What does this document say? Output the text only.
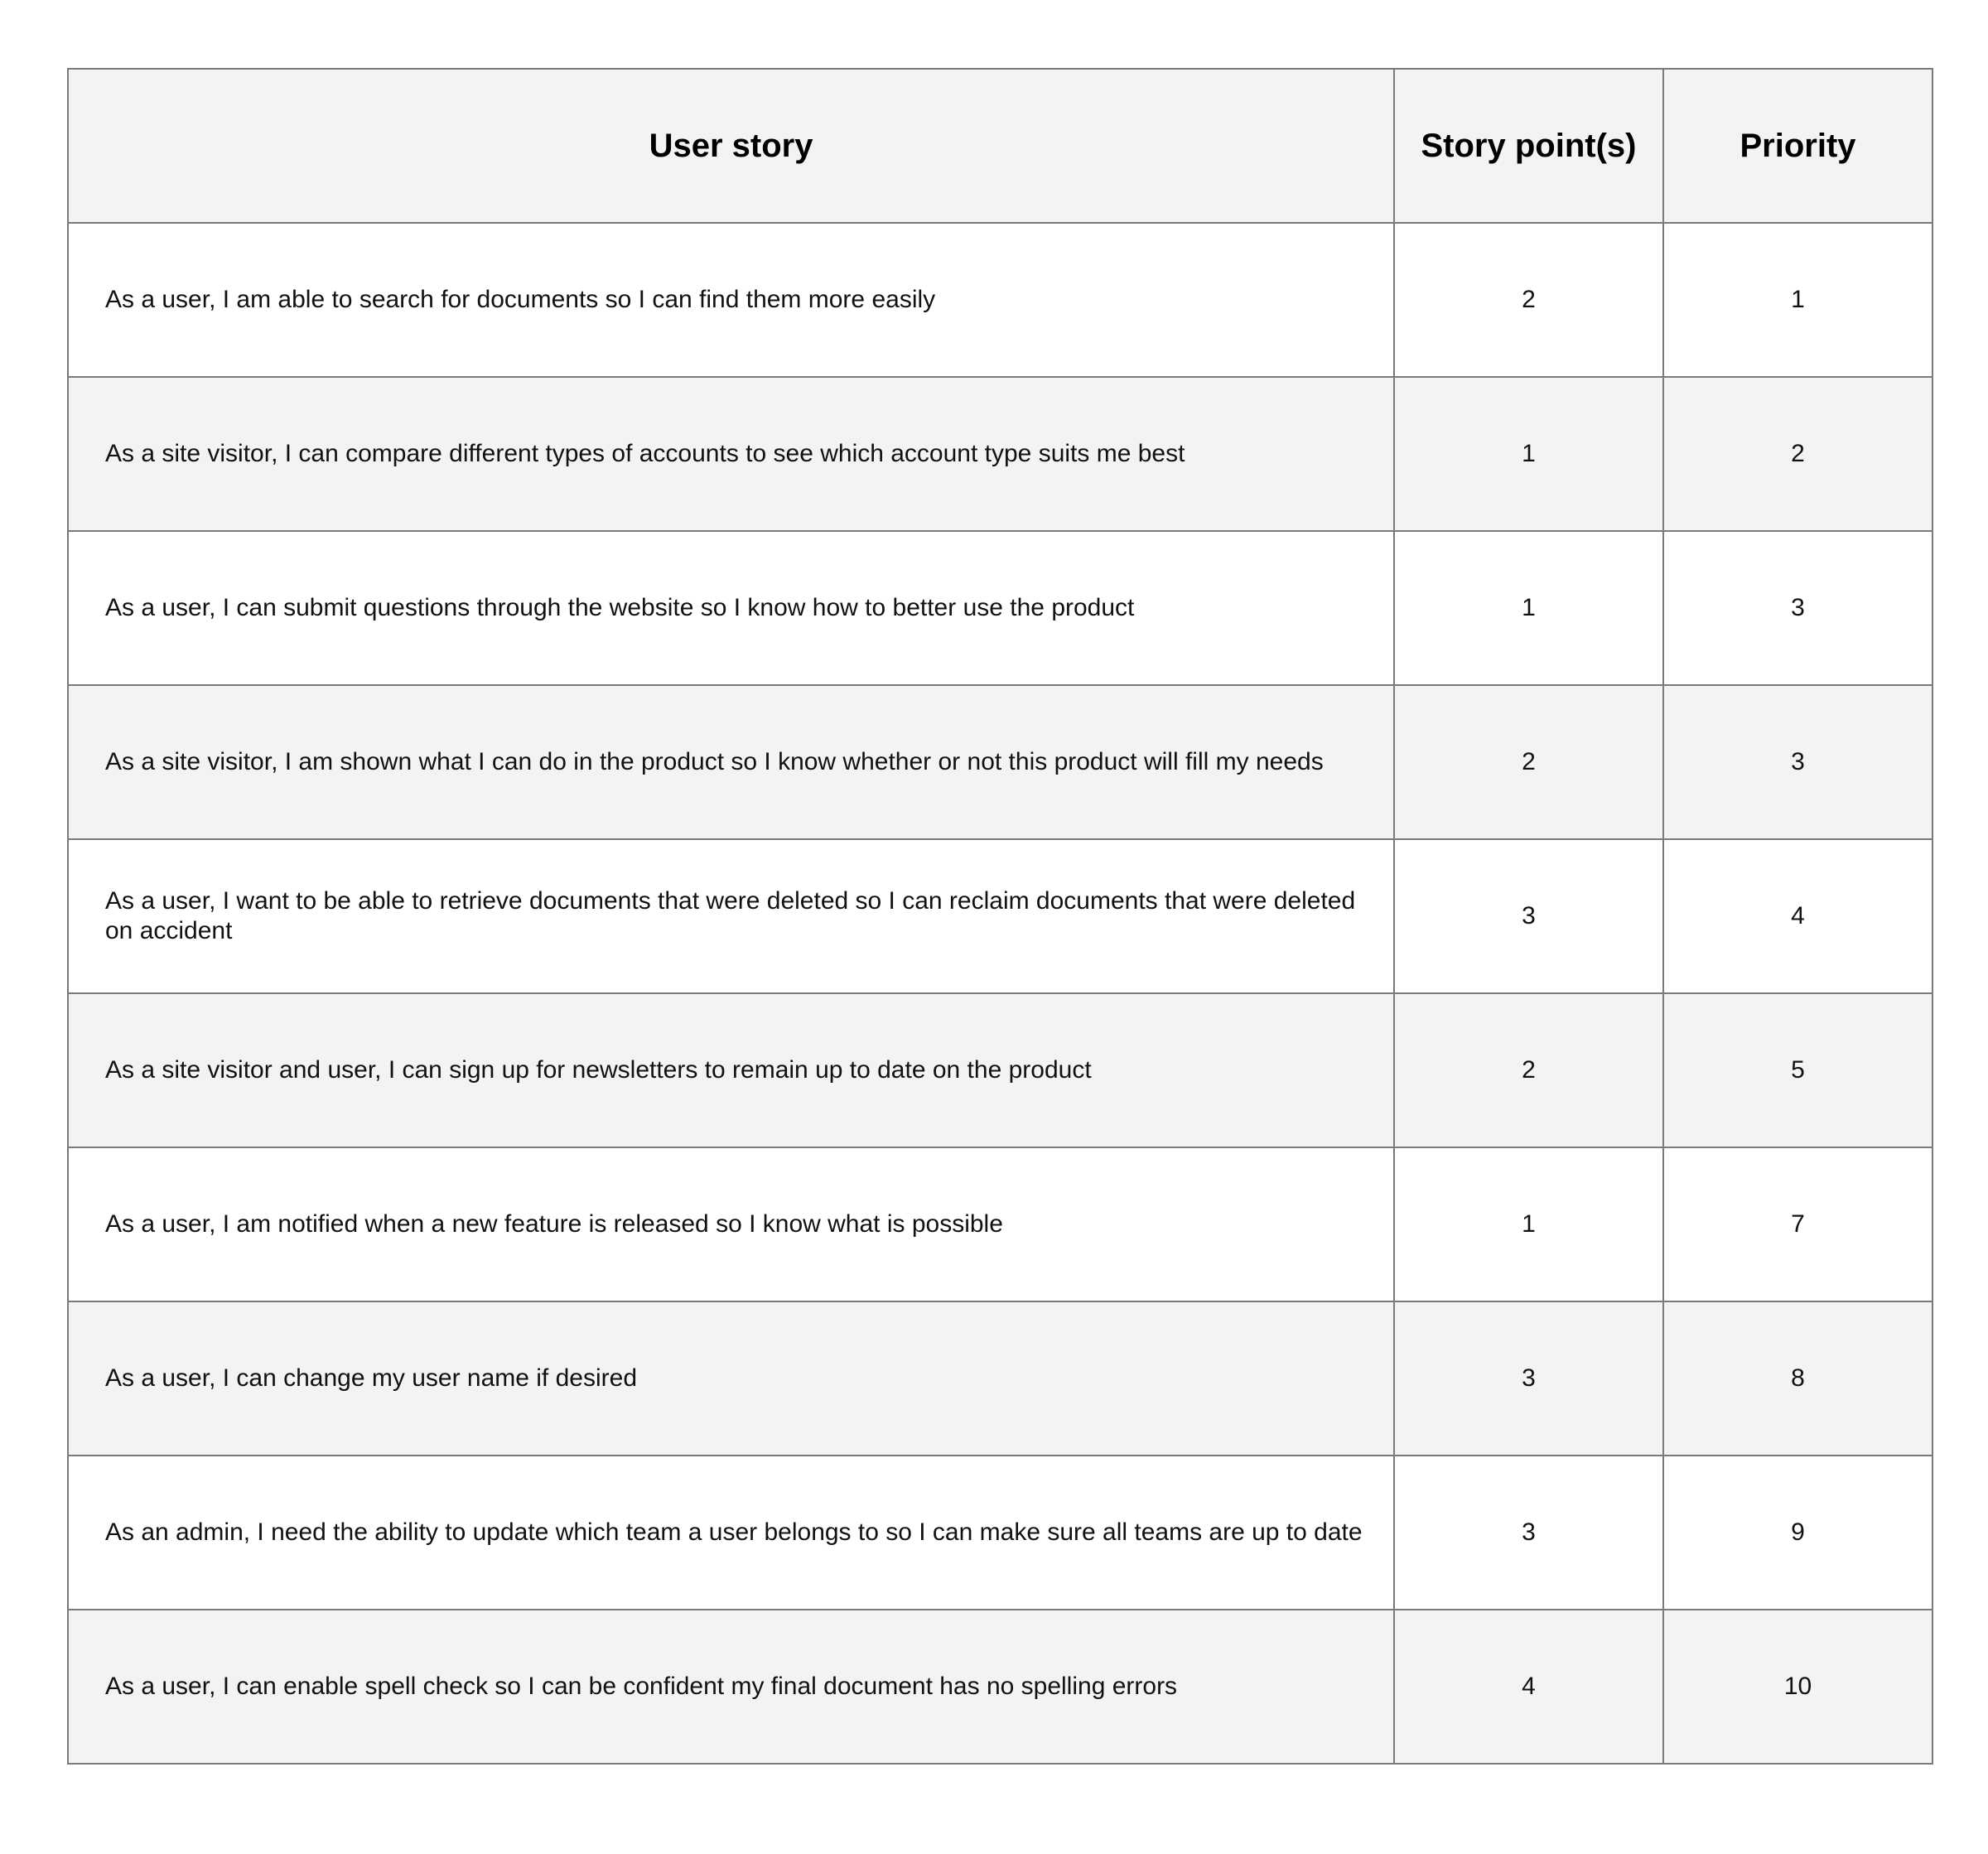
User story	Story point(s)	Priority
As a user, I am able to search for documents so I can find them more easily	2	1
As a site visitor, I can compare different types of accounts to see which account type suits me best	1	2
As a user, I can submit questions through the website so I know how to better use the product	1	3
As a site visitor, I am shown what I can do in the product so I know whether or not this product will fill my needs	2	3
As a user, I want to be able to retrieve documents that were deleted so I can reclaim documents that were deleted on accident	3	4
As a site visitor and user, I can sign up for newsletters to remain up to date on the product	2	5
As a user, I am notified when a new feature is released so I know what is possible	1	7
As a user, I can change my user name if desired	3	8
As an admin, I need the ability to update which team a user belongs to so I can make sure all teams are up to date	3	9
As a user, I can enable spell check so I can be confident my final document has no spelling errors	4	10
